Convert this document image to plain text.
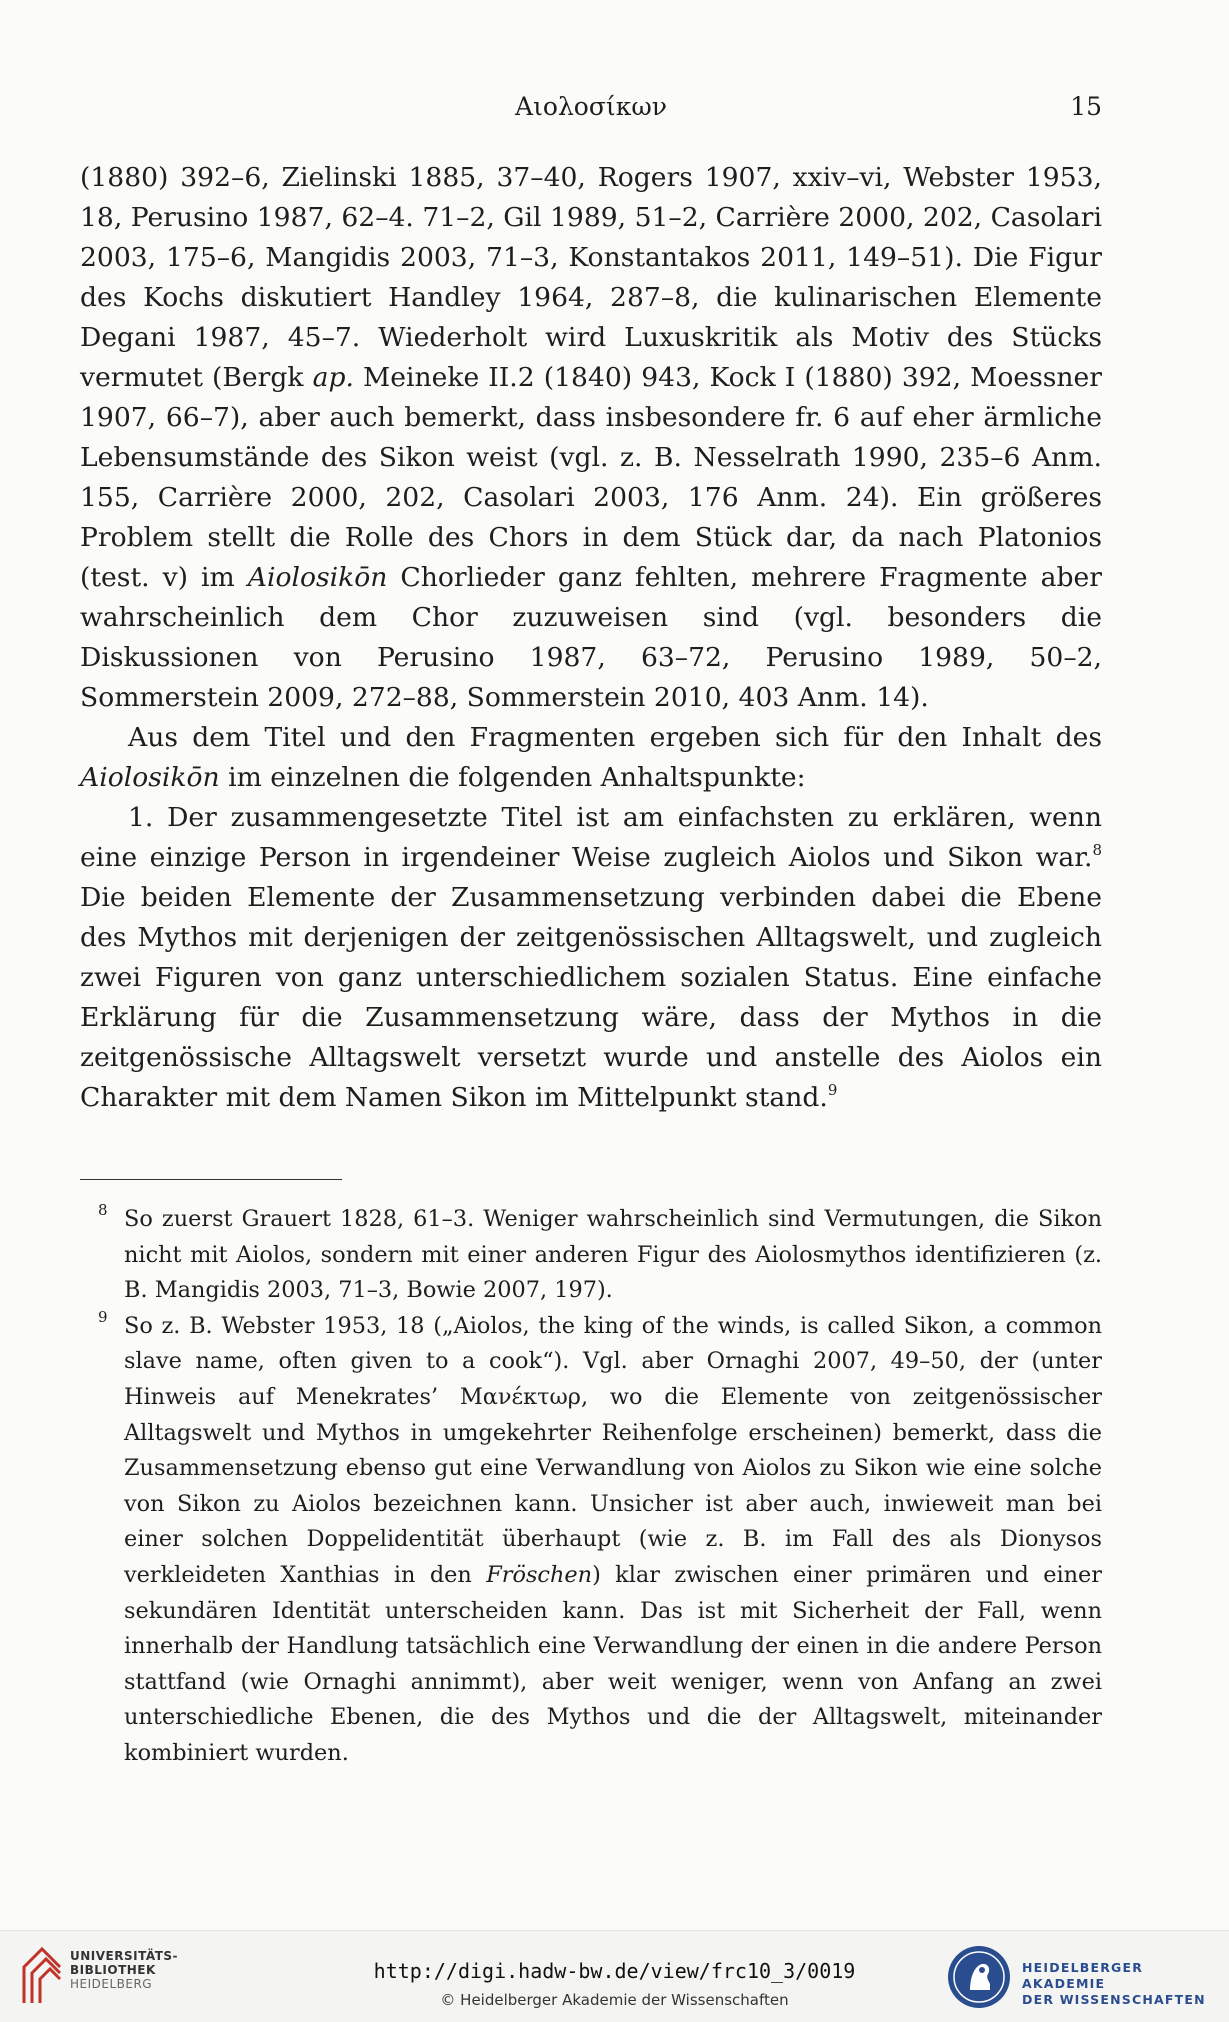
Αιολοσίκων	15

(1880) 392–6, Zielinski 1885, 37–40, Rogers 1907, xxiv–vi, Webster 1953, 18, Perusino 1987, 62–4. 71–2, Gil 1989, 51–2, Carrière 2000, 202, Casolari 2003, 175–6, Mangidis 2003, 71–3, Konstantakos 2011, 149–51). Die Figur des Kochs diskutiert Handley 1964, 287–8, die kulinarischen Elemente Degani 1987, 45–7. Wiederholt wird Luxuskritik als Motiv des Stücks vermutet (Bergk ap. Meineke II.2 (1840) 943, Kock I (1880) 392, Moessner 1907, 66–7), aber auch bemerkt, dass insbesondere fr. 6 auf eher ärmliche Lebensumstände des Sikon weist (vgl. z. B. Nesselrath 1990, 235–6 Anm. 155, Carrière 2000, 202, Casolari 2003, 176 Anm. 24). Ein größeres Problem stellt die Rolle des Chors in dem Stück dar, da nach Platonios (test. v) im Aiolosikōn Chorlieder ganz fehlten, mehrere Fragmente aber wahrscheinlich dem Chor zuzuweisen sind (vgl. besonders die Diskussionen von Perusino 1987, 63–72, Perusino 1989, 50–2, Sommerstein 2009, 272–88, Sommerstein 2010, 403 Anm. 14).

Aus dem Titel und den Fragmenten ergeben sich für den Inhalt des Aiolosikōn im einzelnen die folgenden Anhaltspunkte:

1. Der zusammengesetzte Titel ist am einfachsten zu erklären, wenn eine einzige Person in irgendeiner Weise zugleich Aiolos und Sikon war.$^8$ Die beiden Elemente der Zusammensetzung verbinden dabei die Ebene des Mythos mit derjenigen der zeitgenössischen Alltagswelt, und zugleich zwei Figuren von ganz unterschiedlichem sozialen Status. Eine einfache Erklärung für die Zusammensetzung wäre, dass der Mythos in die zeitgenössische Alltagswelt versetzt wurde und anstelle des Aiolos ein Charakter mit dem Namen Sikon im Mittelpunkt stand.$^9$

8 So zuerst Grauert 1828, 61–3. Weniger wahrscheinlich sind Vermutungen, die Sikon nicht mit Aiolos, sondern mit einer anderen Figur des Aiolosmythos identifizieren (z. B. Mangidis 2003, 71–3, Bowie 2007, 197).

9 So z. B. Webster 1953, 18 („Aiolos, the king of the winds, is called Sikon, a common slave name, often given to a cook“). Vgl. aber Ornaghi 2007, 49–50, der (unter Hinweis auf Menekrates’ Μανέκτωρ, wo die Elemente von zeitgenössischer Alltagswelt und Mythos in umgekehrter Reihenfolge erscheinen) bemerkt, dass die Zusammensetzung ebenso gut eine Verwandlung von Aiolos zu Sikon wie eine solche von Sikon zu Aiolos bezeichnen kann. Unsicher ist aber auch, inwieweit man bei einer solchen Doppelidentität überhaupt (wie z. B. im Fall des als Dionysos verkleideten Xanthias in den Fröschen) klar zwischen einer primären und einer sekundären Identität unterscheiden kann. Das ist mit Sicherheit der Fall, wenn innerhalb der Handlung tatsächlich eine Verwandlung der einen in die andere Person stattfand (wie Ornaghi annimmt), aber weit weniger, wenn von Anfang an zwei unterschiedliche Ebenen, die des Mythos und die der Alltagswelt, miteinander kombiniert wurden.

UNIVERSITÄTS-
BIBLIOTHEK
HEIDELBERG
http://digi.hadw-bw.de/view/frc10_3/0019
© Heidelberger Akademie der Wissenschaften
HEIDELBERGER AKADEMIE
DER WISSENSCHAFTEN
